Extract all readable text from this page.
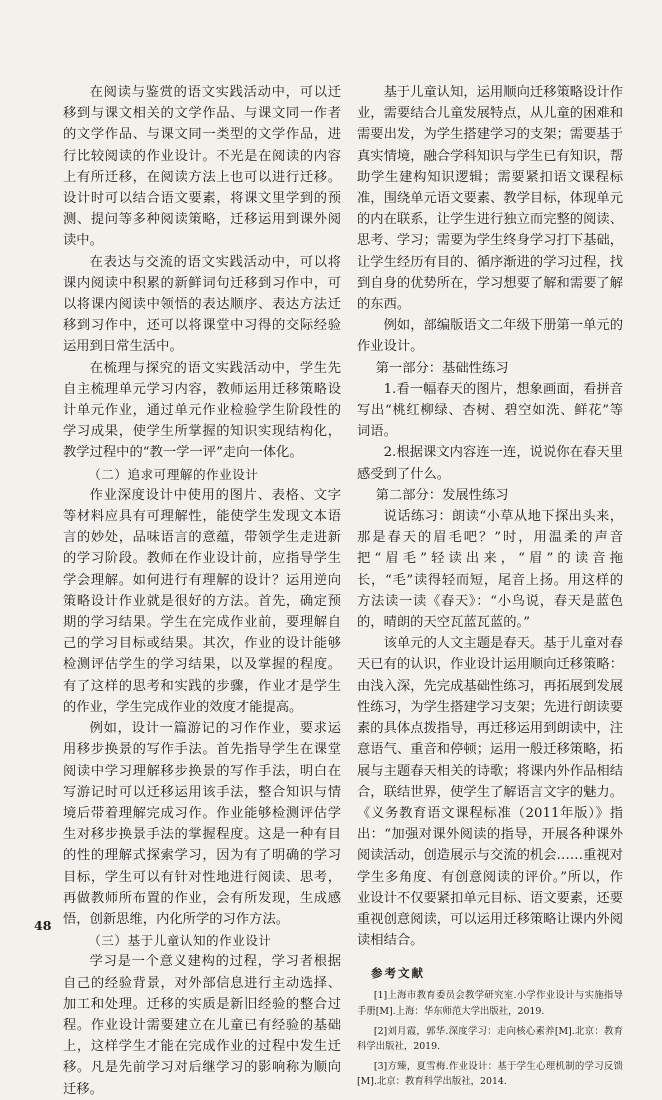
在阅读与鉴赏的语文实践活动中，可以迁移到与课文相关的文学作品、与课文同一作者的文学作品、与课文同一类型的文学作品，进行比较阅读的作业设计。不光是在阅读的内容上有所迁移，在阅读方法上也可以进行迁移。设计时可以结合语文要素，将课文里学到的预测、提问等多种阅读策略，迁移运用到课外阅读中。

在表达与交流的语文实践活动中，可以将课内阅读中积累的新鲜词句迁移到习作中，可以将课内阅读中领悟的表达顺序、表达方法迁移到习作中，还可以将课堂中习得的交际经验运用到日常生活中。

在梳理与探究的语文实践活动中，学生先自主梳理单元学习内容，教师运用迁移策略设计单元作业，通过单元作业检验学生阶段性的学习成果，使学生所掌握的知识实现结构化，教学过程中的“教一学一评”走向一体化。

（二）追求可理解的作业设计

作业深度设计中使用的图片、表格、文字等材料应具有可理解性，能使学生发现文本语言的妙处，品味语言的意蕴，带领学生走进新的学习阶段。教师在作业设计前，应指导学生学会理解。如何进行有理解的设计？运用逆向策略设计作业就是很好的方法。首先，确定预期的学习结果。学生在完成作业前，要理解自己的学习目标或结果。其次，作业的设计能够检测评估学生的学习结果，以及掌握的程度。有了这样的思考和实践的步骤，作业才是学生的作业，学生完成作业的效度才能提高。

例如，设计一篇游记的习作作业，要求运用移步换景的写作手法。首先指导学生在课堂阅读中学习理解移步换景的写作手法，明白在写游记时可以迁移运用该手法，整合知识与情境后带着理解完成习作。作业能够检测评估学生对移步换景手法的掌握程度。这是一种有目的性的理解式探索学习，因为有了明确的学习目标，学生可以有针对性地进行阅读、思考，再做教师所布置的作业，会有所发现，生成感悟，创新思维，内化所学的习作方法。

（三）基于儿童认知的作业设计

学习是一个意义建构的过程，学习者根据自己的经验背景，对外部信息进行主动选择、加工和处理。迁移的实质是新旧经验的整合过程。作业设计需要建立在儿童已有经验的基础上，这样学生才能在完成作业的过程中发生迁移。凡是先前学习对后继学习的影响称为顺向迁移。

基于儿童认知，运用顺向迁移策略设计作业，需要结合儿童发展特点，从儿童的困难和需要出发，为学生搭建学习的支架；需要基于真实情境，融合学科知识与学生已有知识，帮助学生建构知识逻辑；需要紧扣语文课程标准，围绕单元语文要素、教学目标，体现单元的内在联系，让学生进行独立而完整的阅读、思考、学习；需要为学生终身学习打下基础，让学生经历有目的、循序渐进的学习过程，找到自身的优势所在，学习想要了解和需要了解的东西。

例如，部编版语文二年级下册第一单元的作业设计。

第一部分：基础性练习

1.看一幅春天的图片，想象画面，看拼音写出“桃红柳绿、杏树、碧空如洗、鲜花”等词语。

2.根据课文内容连一连，说说你在春天里感受到了什么。

第二部分：发展性练习

说话练习：朗读“小草从地下探出头来，那是春天的眉毛吧？”时，用温柔的声音把“眉毛”轻读出来，“眉”的读音拖长，“毛”读得轻而短，尾音上扬。用这样的方法读一读《春天》：“小鸟说，春天是蓝色的，晴朗的天空瓦蓝瓦蓝的。”

该单元的人文主题是春天。基于儿童对春天已有的认识，作业设计运用顺向迁移策略：由浅入深，先完成基础性练习，再拓展到发展性练习，为学生搭建学习支架；先进行朗读要素的具体点拨指导，再迁移运用到朗读中，注意语气、重音和停顿；运用一般迁移策略，拓展与主题春天相关的诗歌；将课内外作品相结合，联结世界，使学生了解语言文字的魅力。《义务教育语文课程标准（2011年版）》指出：“加强对课外阅读的指导，开展各种课外阅读活动，创造展示与交流的机会……重视对学生多角度、有创意阅读的评价。”所以，作业设计不仅要紧扣单元目标、语文要素，还要重视创意阅读，可以运用迁移策略让课内外阅读相结合。

参考文献

[1]上海市教育委员会教学研究室.小学作业设计与实施指导手册[M].上海：华东师范大学出版社，2019.

[2]刘月霞，郭华.深度学习：走向核心素养[M].北京：教育科学出版社，2019.

[3]方臻，夏雪梅.作业设计：基于学生心理机制的学习反馈[M].北京：教育科学出版社，2014.

48
